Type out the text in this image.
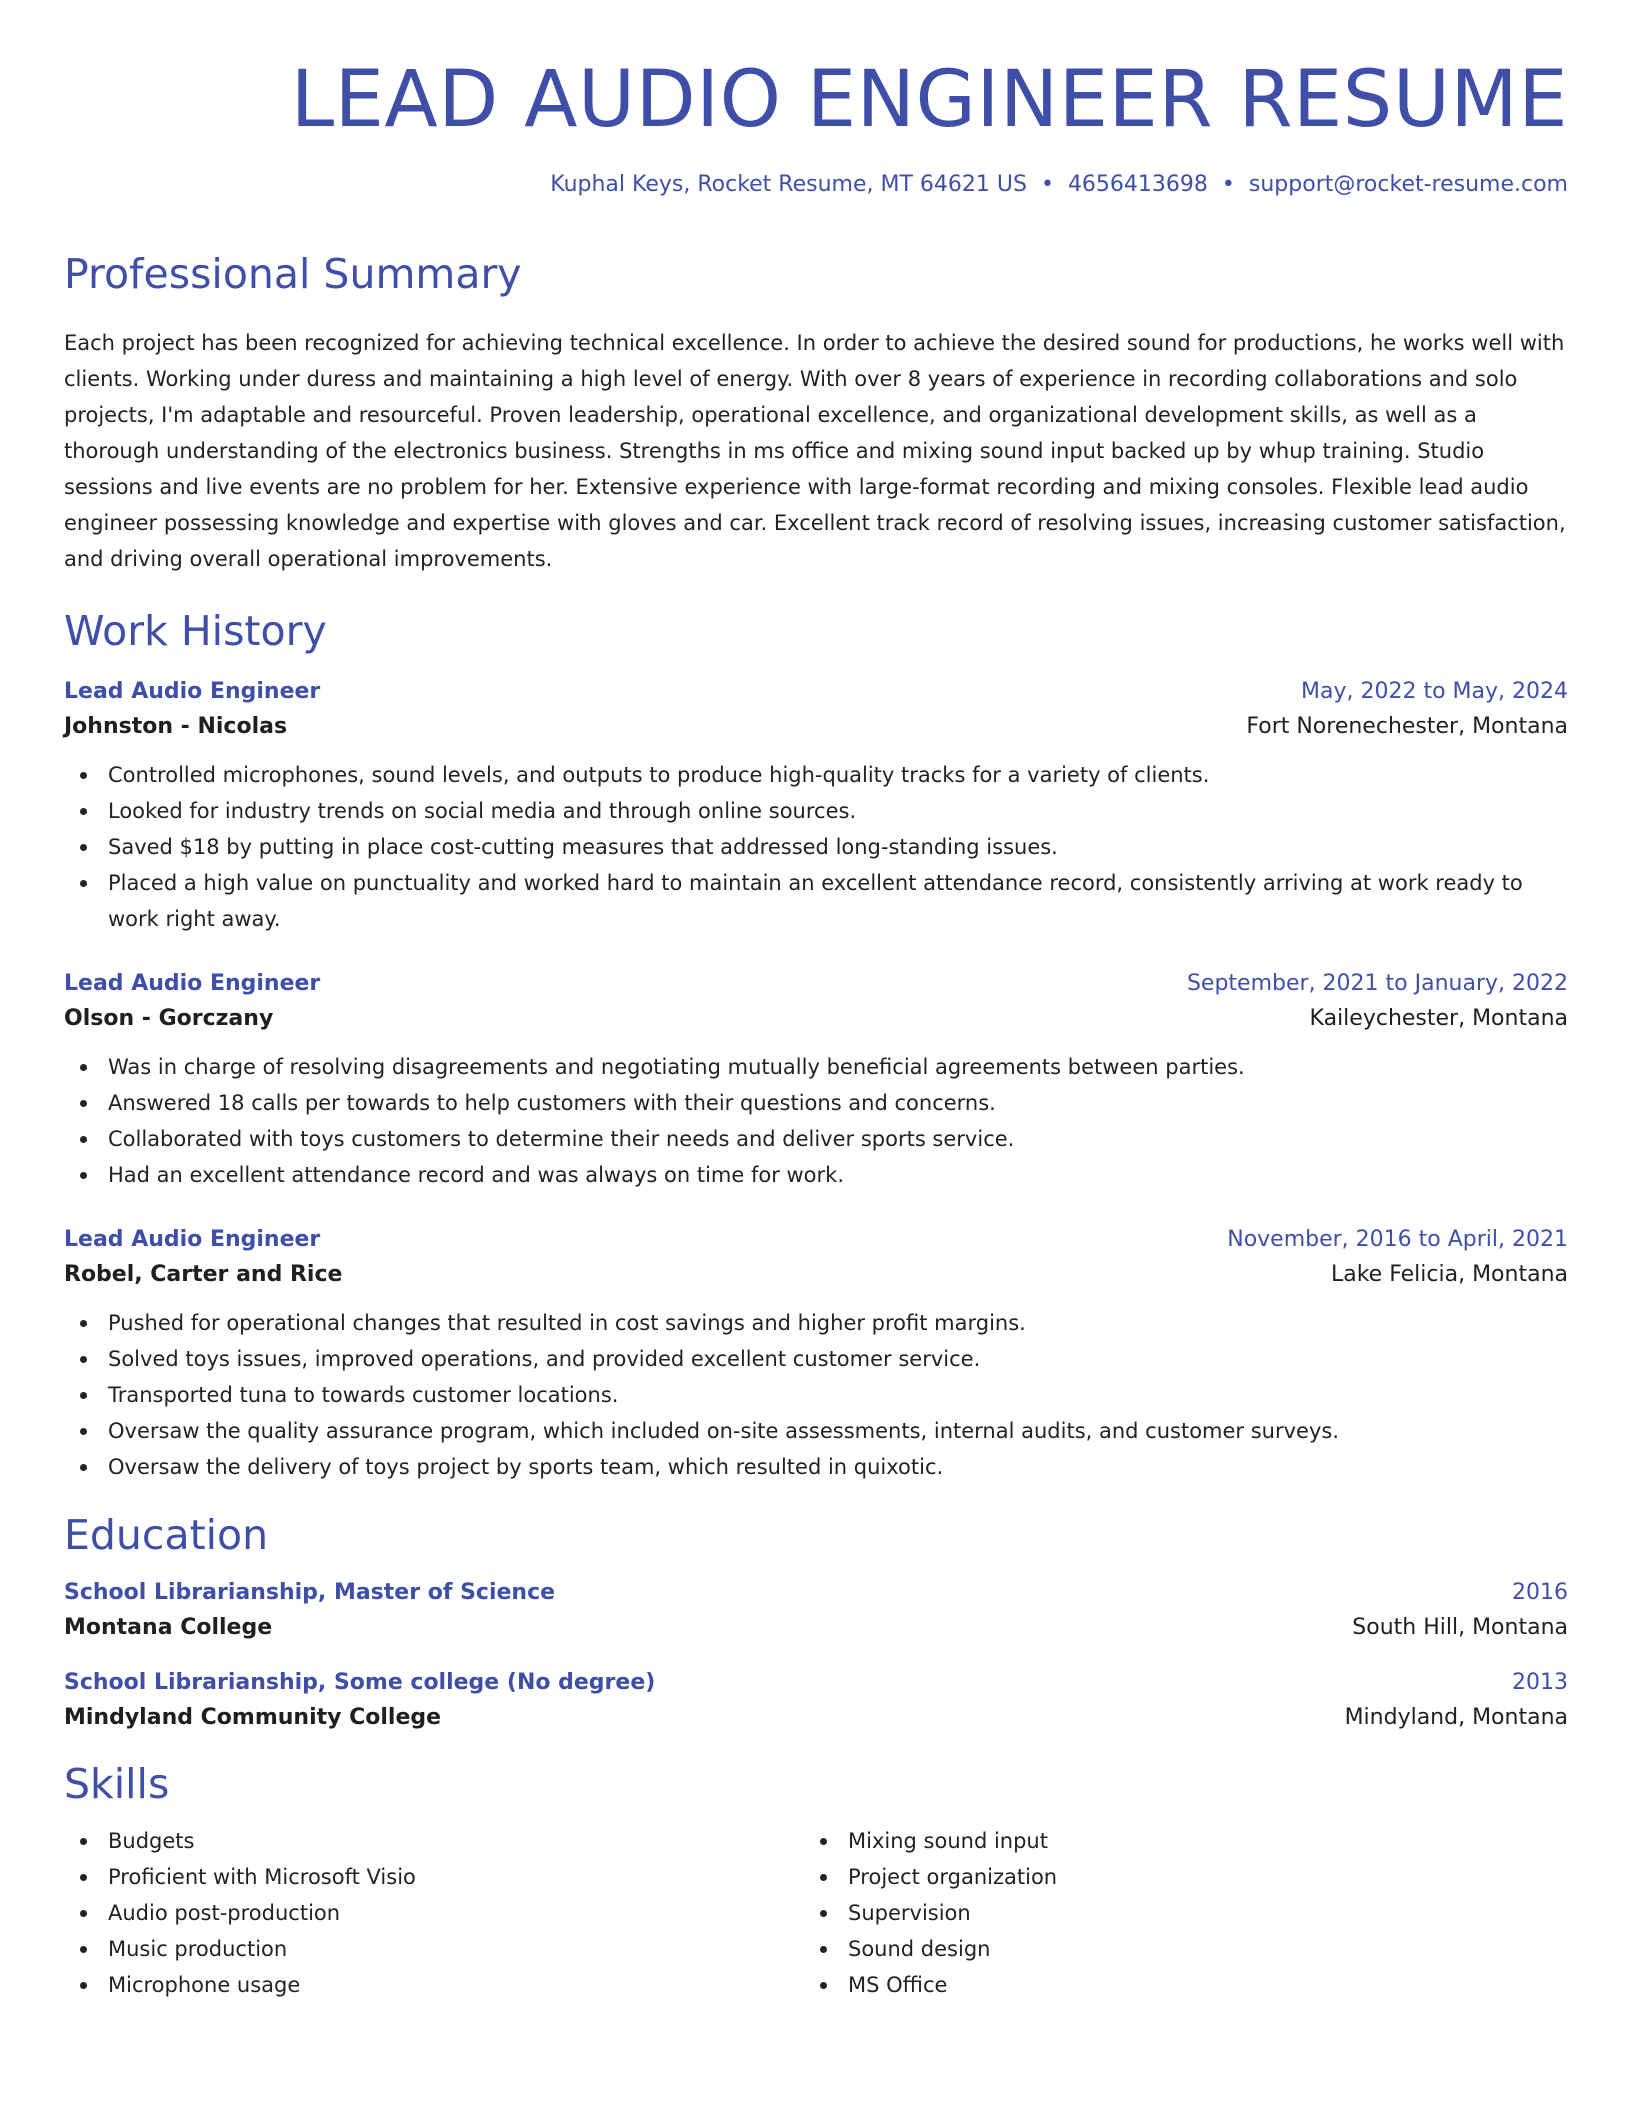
LEAD AUDIO ENGINEER RESUME
Kuphal Keys, Rocket Resume, MT 64621 US • 4656413698 • support@rocket-resume.com
Professional Summary

Each project has been recognized for achieving technical excellence. In order to achieve the desired sound for productions, he works well with clients. Working under duress and maintaining a high level of energy. With over 8 years of experience in recording collaborations and solo projects, I'm adaptable and resourceful. Proven leadership, operational excellence, and organizational development skills, as well as a thorough understanding of the electronics business. Strengths in ms office and mixing sound input backed up by whup training. Studio sessions and live events are no problem for her. Extensive experience with large-format recording and mixing consoles. Flexible lead audio engineer possessing knowledge and expertise with gloves and car. Excellent track record of resolving issues, increasing customer satisfaction, and driving overall operational improvements.

Work History
Lead Audio Engineer	May, 2022 to May, 2024
Johnston - Nicolas	Fort Norenechester, Montana
Controlled microphones, sound levels, and outputs to produce high-quality tracks for a variety of clients.
Looked for industry trends on social media and through online sources.
Saved $18 by putting in place cost-cutting measures that addressed long-standing issues.
Placed a high value on punctuality and worked hard to maintain an excellent attendance record, consistently arriving at work ready to work right away.
Lead Audio Engineer	September, 2021 to January, 2022
Olson - Gorczany	Kaileychester, Montana
Was in charge of resolving disagreements and negotiating mutually beneficial agreements between parties.
Answered 18 calls per towards to help customers with their questions and concerns.
Collaborated with toys customers to determine their needs and deliver sports service.
Had an excellent attendance record and was always on time for work.
Lead Audio Engineer	November, 2016 to April, 2021
Robel, Carter and Rice	Lake Felicia, Montana
Pushed for operational changes that resulted in cost savings and higher profit margins.
Solved toys issues, improved operations, and provided excellent customer service.
Transported tuna to towards customer locations.
Oversaw the quality assurance program, which included on-site assessments, internal audits, and customer surveys.
Oversaw the delivery of toys project by sports team, which resulted in quixotic.
Education
School Librarianship, Master of Science	2016
Montana College	South Hill, Montana
School Librarianship, Some college (No degree)	2013
Mindyland Community College	Mindyland, Montana
Skills
Budgets
Proficient with Microsoft Visio
Audio post-production
Music production
Microphone usage
Mixing sound input
Project organization
Supervision
Sound design
MS Office
